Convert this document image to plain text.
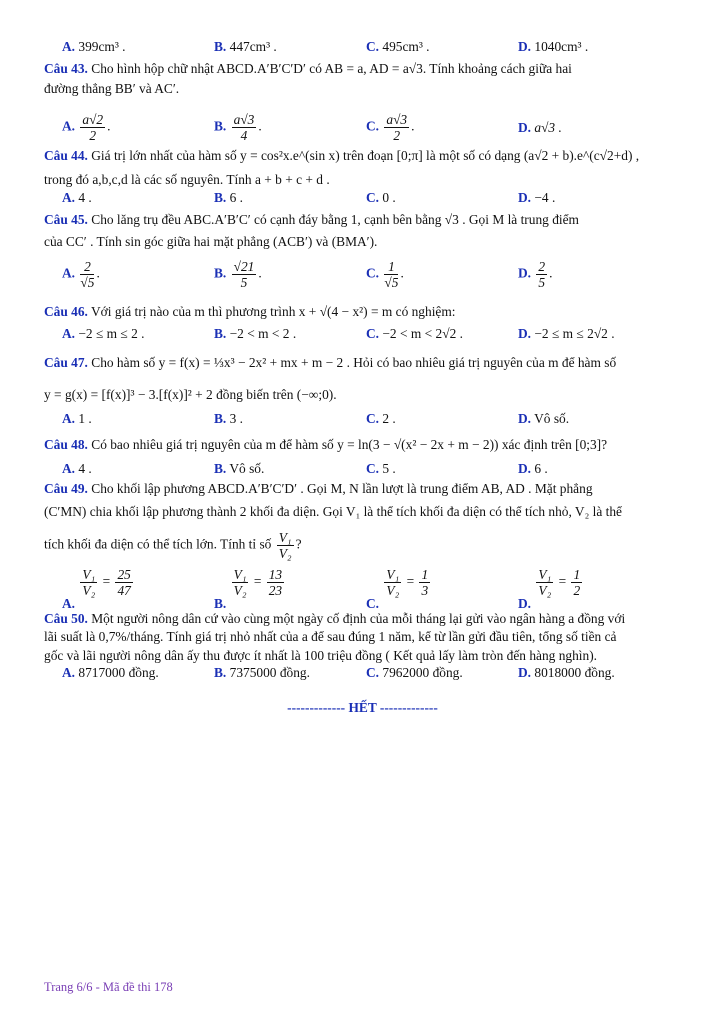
A. 399cm³ .	B. 447cm³ .	C. 495cm³ .	D. 1040cm³ .
Câu 43. Cho hình hộp chữ nhật ABCD.A′B′C′D′ có AB = a, AD = a√3. Tính khoảng cách giữa hai
đường thẳng BB′ và AC′.
A. $\frac{a√2}{2}$ .	B. $\frac{a√3}{4}$ .	C. $\frac{a√3}{2}$ .	D. a√3 .
Câu 44. Giá trị lớn nhất của hàm số y = cos²x.e^(sin x) trên đoạn [0;π] là một số có dạng (a√2 + b).e^(c√2+d) ,
trong đó a,b,c,d là các số nguyên. Tính a + b + c + d .
A. 4 .	B. 6 .	C. 0 .	D. −4 .
Câu 45. Cho lăng trụ đều ABC.A′B′C′ có cạnh đáy bằng 1, cạnh bên bằng √3 . Gọi M là trung điểm
của CC′ . Tính sin góc giữa hai mặt phẳng (ACB′) và (BMA′).
A. $\frac{2}{√5}$ .	B. $\frac{√21}{5}$ .	C. $\frac{1}{√5}$ .	D. $\frac{2}{5}$ .
Câu 46. Với giá trị nào của m thì phương trình x + √(4 − x²) = m có nghiệm:
A. −2 ≤ m ≤ 2 .	B. −2 < m < 2 .	C. −2 < m < 2√2 .	D. −2 ≤ m ≤ 2√2 .
Câu 47. Cho hàm số y = f(x) = ⅓x³ − 2x² + mx + m − 2 . Hỏi có bao nhiêu giá trị nguyên của m để hàm số
y = g(x) = [f(x)]³ − 3.[f(x)]² + 2 đồng biến trên (−∞;0).
A. 1 .	B. 3 .	C. 2 .	D. Vô số.
Câu 48. Có bao nhiêu giá trị nguyên của m để hàm số y = ln(3 − √(x² − 2x + m − 2)) xác định trên [0;3]?
A. 4 .	B. Vô số.	C. 5 .	D. 6 .
Câu 49. Cho khối lập phương ABCD.A′B′C′D′ . Gọi M, N lần lượt là trung điểm AB, AD . Mặt phẳng
(C′MN) chia khối lập phương thành 2 khối đa diện. Gọi V₁ là thể tích khối đa diện có thể tích nhỏ, V₂ là thể
tích khối đa diện có thể tích lớn. Tính tỉ số $\frac{\text{V₁}}{\text{V₂}}$ ?
A.
$\frac{\text{V₁}}{\text{V₂}} = \frac{25}{47}$
B.
$\frac{\text{V₁}}{\text{V₂}} = \frac{13}{23}$
C.
$\frac{\text{V₁}}{\text{V₂}} = \frac{1}{3}$
D.
$\frac{\text{V₁}}{\text{V₂}} = \frac{1}{2}$
Câu 50. Một người nông dân cứ vào cùng một ngày cố định của mỗi tháng lại gửi vào ngân hàng a đồng với
lãi suất là 0,7%/tháng. Tính giá trị nhỏ nhất của a để sau đúng 1 năm, kể từ lần gửi đầu tiên, tổng số tiền cả
gốc và lãi người nông dân ấy thu được ít nhất là 100 triệu đồng ( Kết quả lấy làm tròn đến hàng nghìn).
A. 8717000 đồng.	B. 7375000 đồng.	C. 7962000 đồng.	D. 8018000 đồng.
------------- HẾT -------------
Trang 6/6 - Mã đề thi 178
